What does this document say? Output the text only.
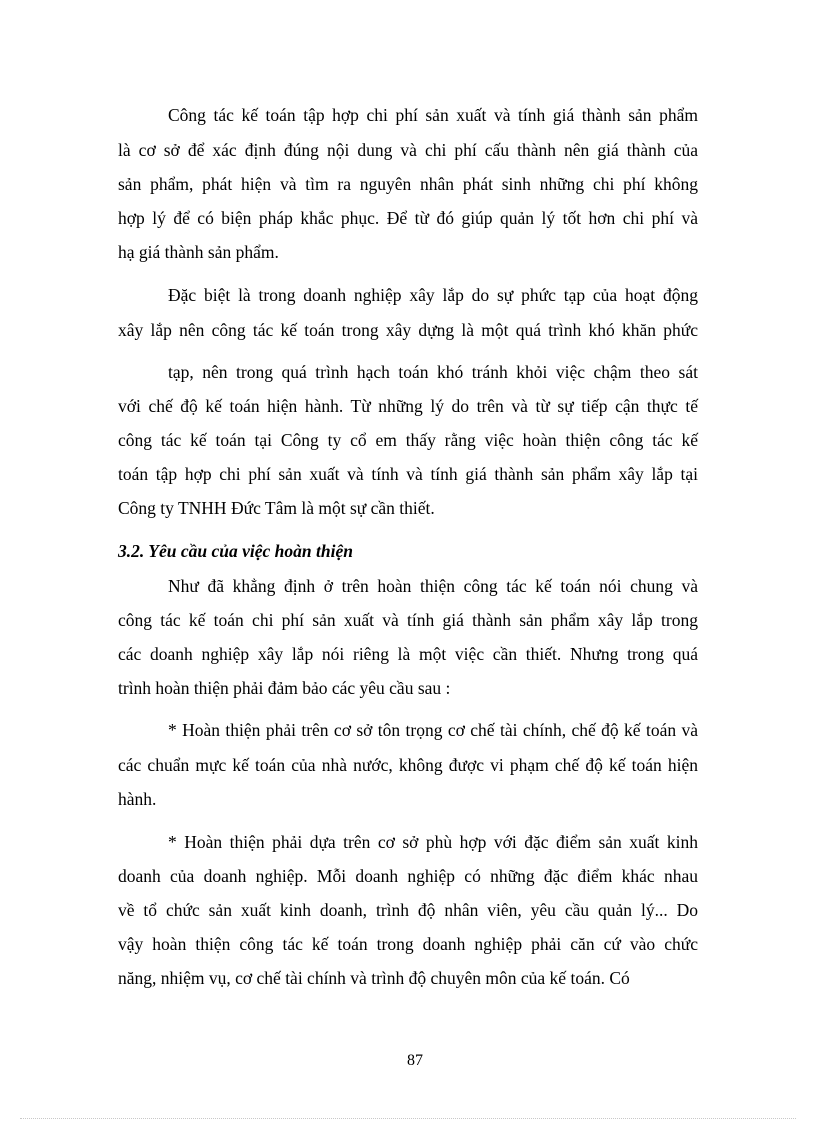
Công tác kế toán tập hợp chi phí sản xuất và tính giá thành sản phẩm
là cơ sở để xác định đúng nội dung và chi phí cấu thành nên giá thành của
sản phẩm, phát hiện và tìm ra nguyên nhân phát sinh những chi phí không
hợp lý để có biện pháp khắc phục. Để từ đó giúp quản lý tốt hơn chi phí và
hạ giá thành sản phẩm.
Đặc biệt là trong doanh nghiệp xây lắp do sự phức tạp của hoạt động
xây lắp nên công tác kế toán trong xây dựng là một quá trình khó khăn phức
tạp, nên trong quá trình hạch toán khó tránh khỏi việc chậm theo sát
với chế độ kế toán hiện hành. Từ những lý do trên và từ sự tiếp cận thực tế
công tác kế toán tại Công ty cổ em thấy rằng việc hoàn thiện công tác kế
toán tập hợp chi phí sản xuất và tính và tính giá thành sản phẩm xây lắp tại
Công ty TNHH Đức Tâm là một sự cần thiết.
3.2. Yêu cầu của việc hoàn thiện
Như đã khẳng định ở trên hoàn thiện công tác kế toán nói chung và
công tác kế toán chi phí sản xuất và tính giá thành sản phẩm xây lắp trong
các doanh nghiệp xây lắp nói riêng là một việc cần thiết. Nhưng trong quá
trình hoàn thiện phải đảm bảo các yêu cầu sau :
* Hoàn thiện phải trên cơ sở tôn trọng cơ chế tài chính, chế độ kế toán và
các chuẩn mực kế toán của nhà nước, không được vi phạm chế độ kế toán hiện
hành.
* Hoàn thiện phải dựa trên cơ sở phù hợp với đặc điểm sản xuất kinh
doanh của doanh nghiệp. Mỗi doanh nghiệp có những đặc điểm khác nhau
về tổ chức sản xuất kinh doanh, trình độ nhân viên, yêu cầu quản lý... Do
vậy hoàn thiện công tác kế toán trong doanh nghiệp phải căn cứ vào chức
năng, nhiệm vụ, cơ chế tài chính và trình độ chuyên môn của kế toán. Có
87
